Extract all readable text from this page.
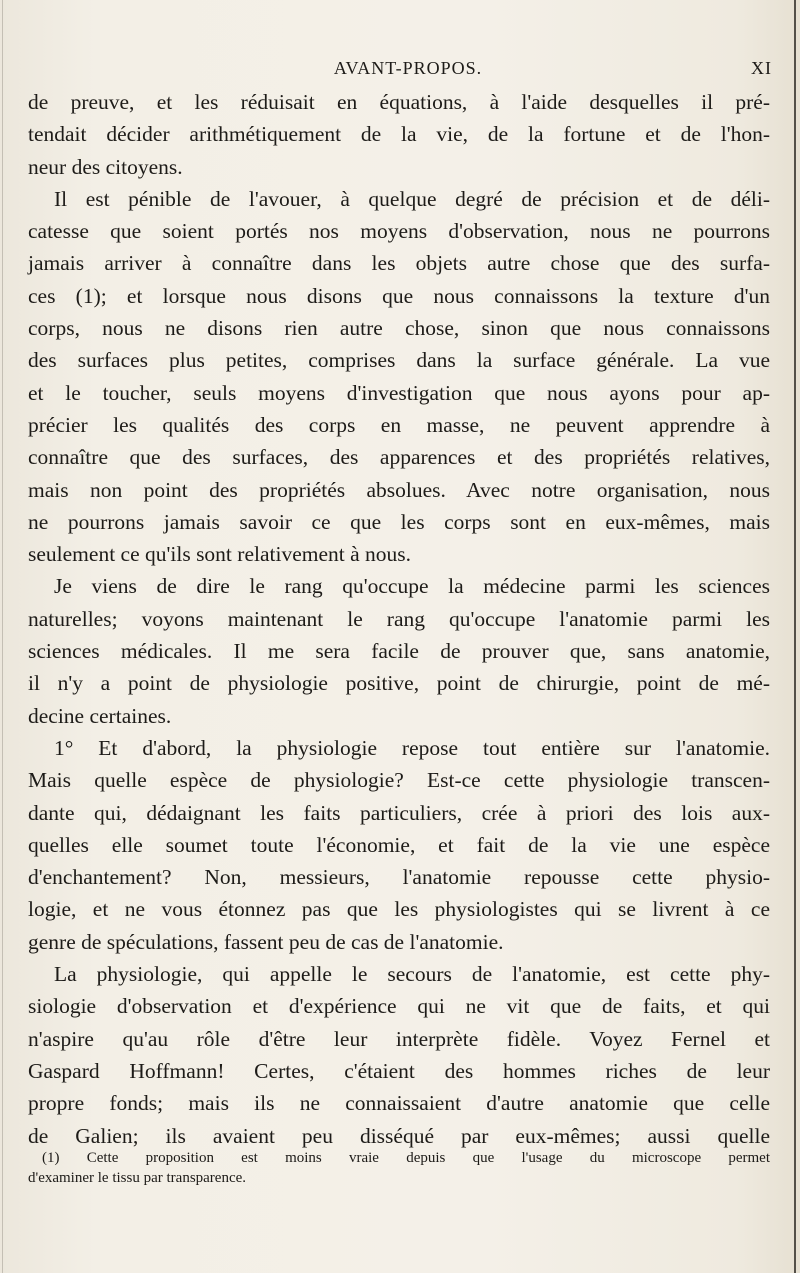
AVANT-PROPOS.	XI
de preuve, et les réduisait en équations, à l'aide desquelles il pré-
tendait décider arithmétiquement de la vie, de la fortune et de l'hon-
neur des citoyens.
Il est pénible de l'avouer, à quelque degré de précision et de déli-
catesse que soient portés nos moyens d'observation, nous ne pourrons
jamais arriver à connaître dans les objets autre chose que des surfa-
ces (1); et lorsque nous disons que nous connaissons la texture d'un
corps, nous ne disons rien autre chose, sinon que nous connaissons
des surfaces plus petites, comprises dans la surface générale. La vue
et le toucher, seuls moyens d'investigation que nous ayons pour ap-
précier les qualités des corps en masse, ne peuvent apprendre à
connaître que des surfaces, des apparences et des propriétés relatives,
mais non point des propriétés absolues. Avec notre organisation, nous
ne pourrons jamais savoir ce que les corps sont en eux-mêmes, mais
seulement ce qu'ils sont relativement à nous.
Je viens de dire le rang qu'occupe la médecine parmi les sciences
naturelles; voyons maintenant le rang qu'occupe l'anatomie parmi les
sciences médicales. Il me sera facile de prouver que, sans anatomie,
il n'y a point de physiologie positive, point de chirurgie, point de mé-
decine certaines.
1° Et d'abord, la physiologie repose tout entière sur l'anatomie.
Mais quelle espèce de physiologie? Est-ce cette physiologie transcen-
dante qui, dédaignant les faits particuliers, crée à priori des lois aux-
quelles elle soumet toute l'économie, et fait de la vie une espèce
d'enchantement? Non, messieurs, l'anatomie repousse cette physio-
logie, et ne vous étonnez pas que les physiologistes qui se livrent à ce
genre de spéculations, fassent peu de cas de l'anatomie.
La physiologie, qui appelle le secours de l'anatomie, est cette phy-
siologie d'observation et d'expérience qui ne vit que de faits, et qui
n'aspire qu'au rôle d'être leur interprète fidèle. Voyez Fernel et
Gaspard Hoffmann! Certes, c'étaient des hommes riches de leur
propre fonds; mais ils ne connaissaient d'autre anatomie que celle
de Galien; ils avaient peu disséqué par eux-mêmes; aussi quelle
(1) Cette proposition est moins vraie depuis que l'usage du microscope permet
d'examiner le tissu par transparence.
